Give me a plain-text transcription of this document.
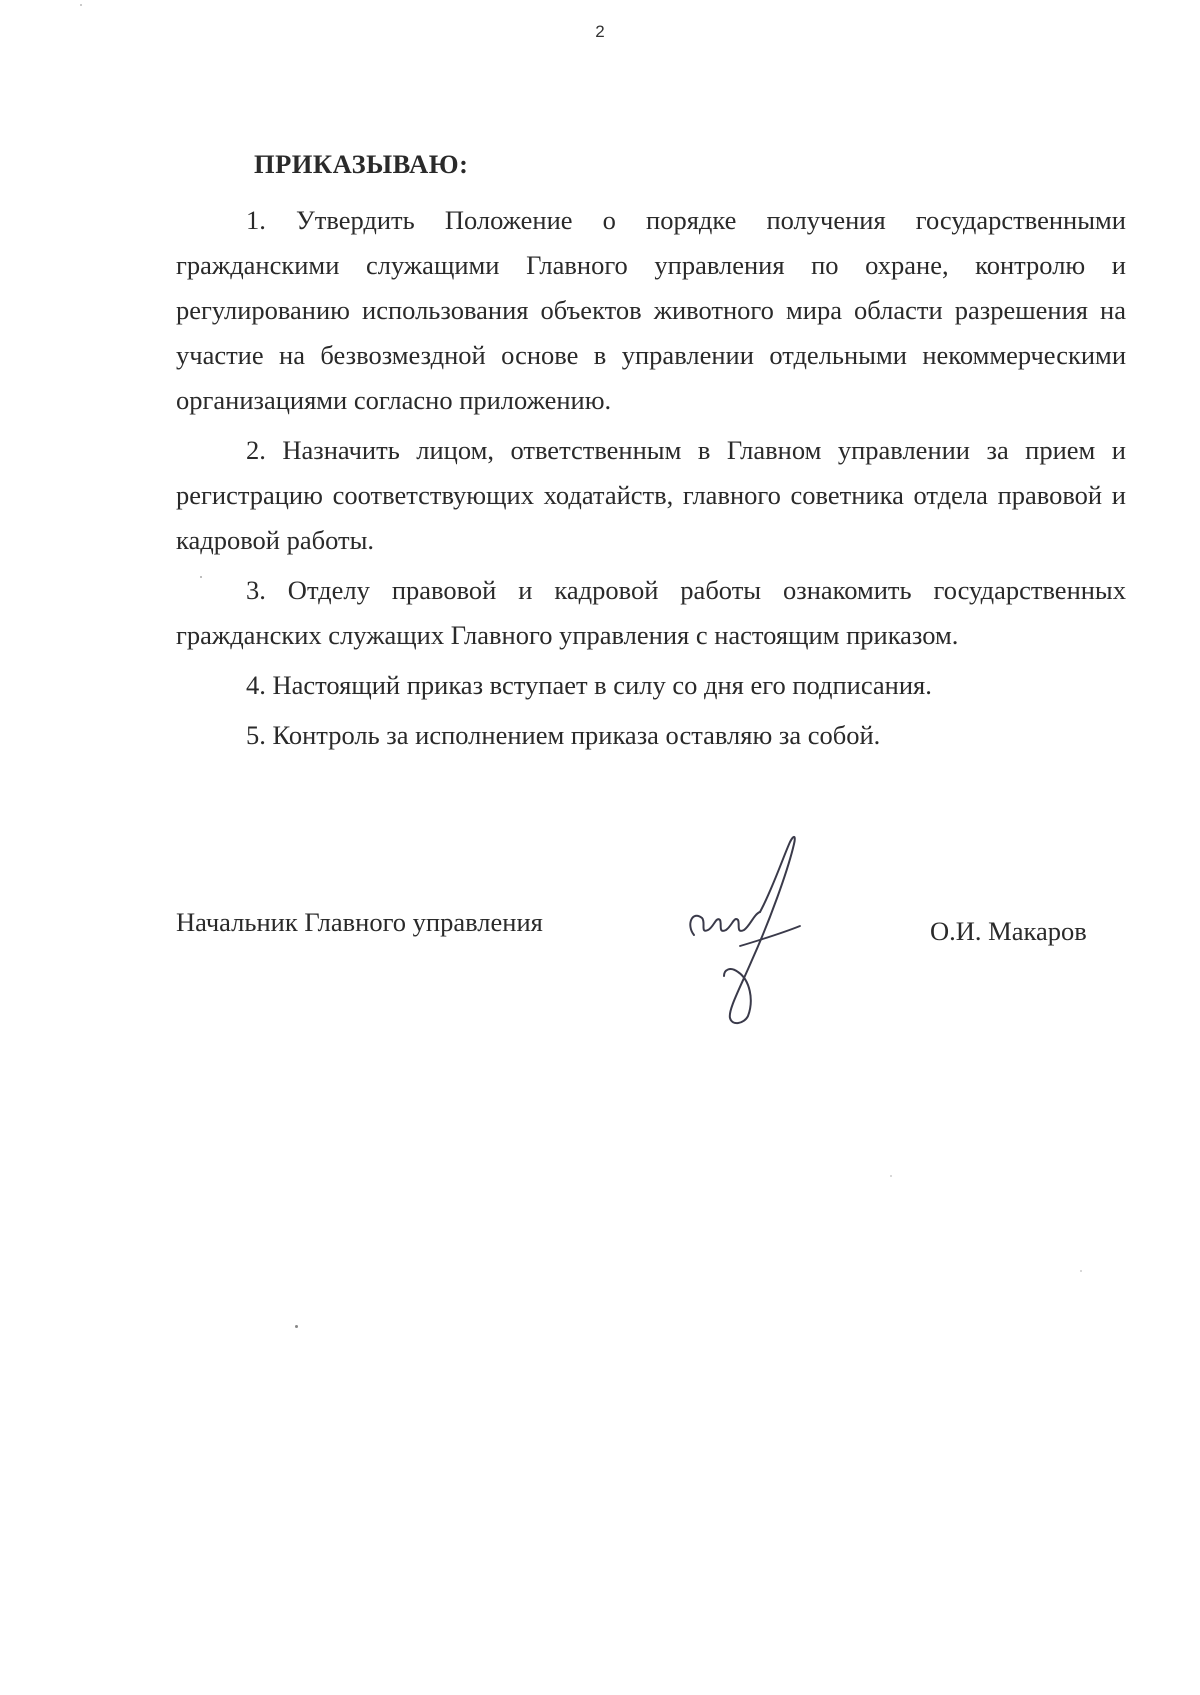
2
ПРИКАЗЫВАЮ:

1. Утвердить Положение о порядке получения государственными гражданскими служащими Главного управления по охране, контролю и регулированию использования объектов животного мира области разрешения на участие на безвозмездной основе в управлении отдельными некоммерческими организациями согласно приложению.

2. Назначить лицом, ответственным в Главном управлении за прием и регистрацию соответствующих ходатайств, главного советника отдела правовой и кадровой работы.

3. Отделу правовой и кадровой работы ознакомить государственных гражданских служащих Главного управления с настоящим приказом.

4. Настоящий приказ вступает в силу со дня его подписания.

5. Контроль за исполнением приказа оставляю за собой.

Начальник Главного управления	О.И. Макаров
